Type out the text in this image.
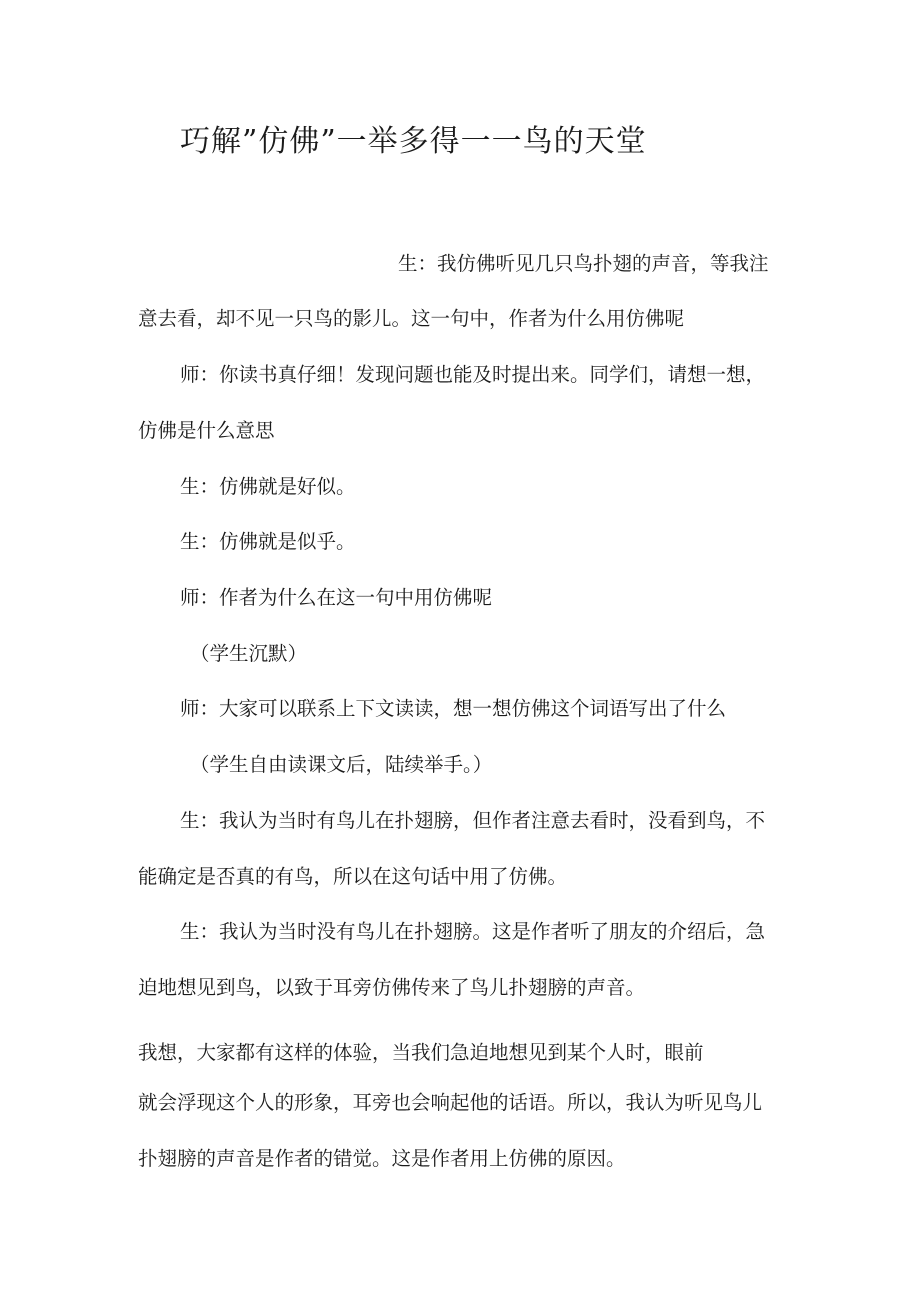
巧解”仿佛”一举多得一一鸟的天堂
生：我仿佛听见几只鸟扑翅的声音，等我注
意去看，却不见一只鸟的影儿。这一句中，作者为什么用仿佛呢
师：你读书真仔细！发现问题也能及时提出来。同学们，请想一想，
仿佛是什么意思
生：仿佛就是好似。
生：仿佛就是似乎。
师：作者为什么在这一句中用仿佛呢
（学生沉默）
师：大家可以联系上下文读读，想一想仿佛这个词语写出了什么
（学生自由读课文后，陆续举手。）
生：我认为当时有鸟儿在扑翅膀，但作者注意去看时，没看到鸟，不
能确定是否真的有鸟，所以在这句话中用了仿佛。
生：我认为当时没有鸟儿在扑翅膀。这是作者听了朋友的介绍后，急
迫地想见到鸟，以致于耳旁仿佛传来了鸟儿扑翅膀的声音。
我想，大家都有这样的体验，当我们急迫地想见到某个人时，眼前
就会浮现这个人的形象，耳旁也会响起他的话语。所以，我认为听见鸟儿
扑翅膀的声音是作者的错觉。这是作者用上仿佛的原因。
